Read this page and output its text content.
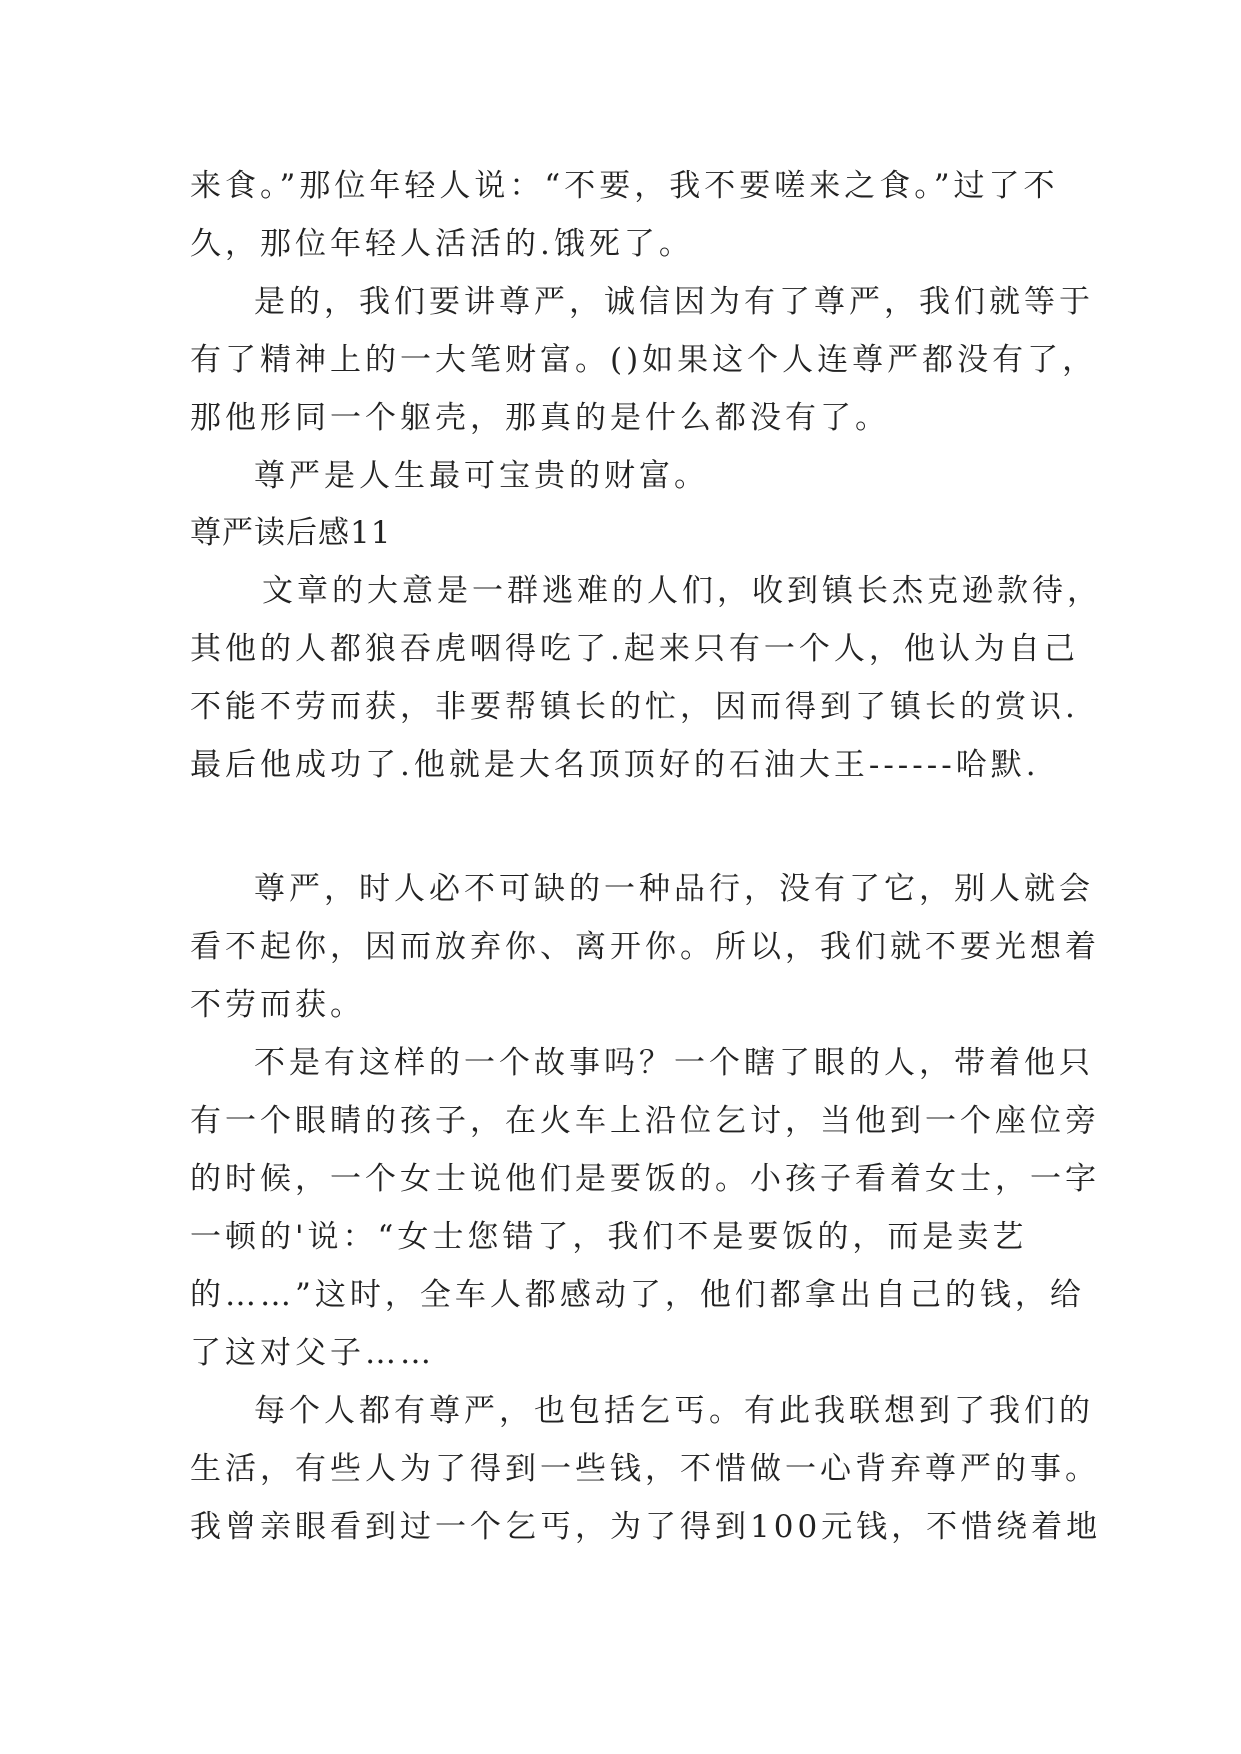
来食。”那位年轻人说：“不要，我不要嗟来之食。”过了不
久，那位年轻人活活的.饿死了。
是的，我们要讲尊严，诚信因为有了尊严，我们就等于
有了精神上的一大笔财富。()如果这个人连尊严都没有了，
那他形同一个躯壳，那真的是什么都没有了。
尊严是人生最可宝贵的财富。
尊严读后感11
文章的大意是一群逃难的人们，收到镇长杰克逊款待，
其他的人都狼吞虎咽得吃了.起来只有一个人，他认为自己
不能不劳而获，非要帮镇长的忙，因而得到了镇长的赏识.
最后他成功了.他就是大名顶顶好的石油大王------哈默.
尊严，时人必不可缺的一种品行，没有了它，别人就会
看不起你，因而放弃你、离开你。所以，我们就不要光想着
不劳而获。
不是有这样的一个故事吗？一个瞎了眼的人，带着他只
有一个眼睛的孩子，在火车上沿位乞讨，当他到一个座位旁
的时候，一个女士说他们是要饭的。小孩子看着女士，一字
一顿的'说：“女士您错了，我们不是要饭的，而是卖艺
的……”这时，全车人都感动了，他们都拿出自己的钱，给
了这对父子……
每个人都有尊严，也包括乞丐。有此我联想到了我们的
生活，有些人为了得到一些钱，不惜做一心背弃尊严的事。
我曾亲眼看到过一个乞丐，为了得到100元钱，不惜绕着地
